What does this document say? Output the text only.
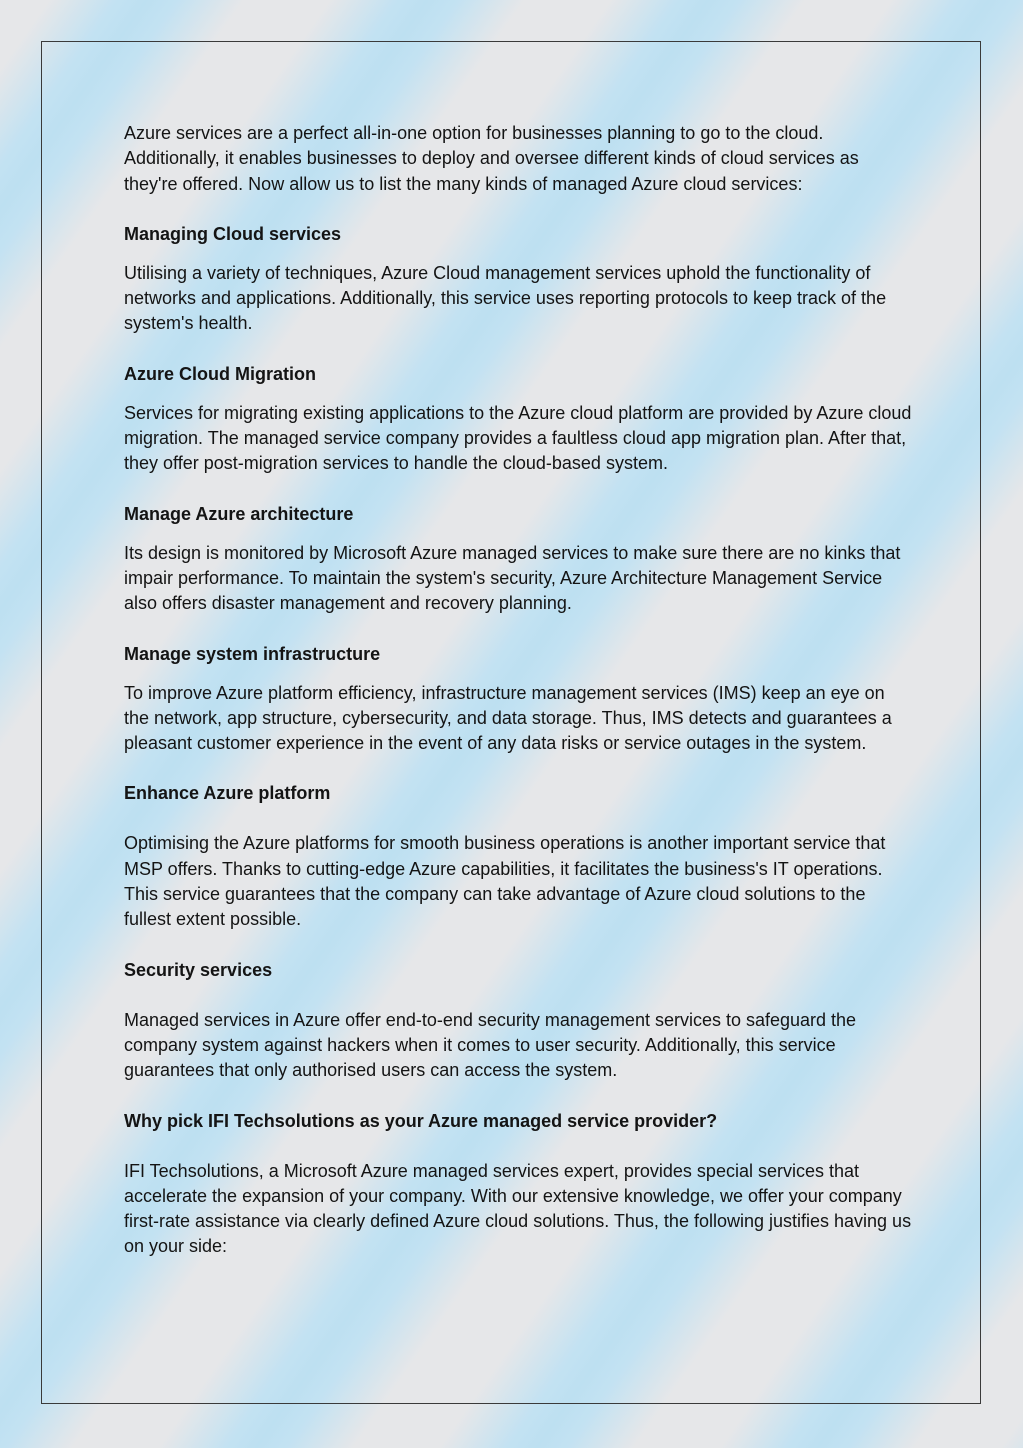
Azure services are a perfect all-in-one option for businesses planning to go to the cloud. Additionally, it enables businesses to deploy and oversee different kinds of cloud services as they're offered. Now allow us to list the many kinds of managed Azure cloud services:

Managing Cloud services

Utilising a variety of techniques, Azure Cloud management services uphold the functionality of networks and applications. Additionally, this service uses reporting protocols to keep track of the system's health.

Azure Cloud Migration

Services for migrating existing applications to the Azure cloud platform are provided by Azure cloud migration. The managed service company provides a faultless cloud app migration plan. After that, they offer post-migration services to handle the cloud-based system.

Manage Azure architecture

Its design is monitored by Microsoft Azure managed services to make sure there are no kinks that impair performance. To maintain the system's security, Azure Architecture Management Service also offers disaster management and recovery planning.

Manage system infrastructure

To improve Azure platform efficiency, infrastructure management services (IMS) keep an eye on the network, app structure, cybersecurity, and data storage. Thus, IMS detects and guarantees a pleasant customer experience in the event of any data risks or service outages in the system.

Enhance Azure platform

Optimising the Azure platforms for smooth business operations is another important service that MSP offers. Thanks to cutting-edge Azure capabilities, it facilitates the business's IT operations. This service guarantees that the company can take advantage of Azure cloud solutions to the fullest extent possible.

Security services

Managed services in Azure offer end-to-end security management services to safeguard the company system against hackers when it comes to user security. Additionally, this service guarantees that only authorised users can access the system.

Why pick IFI Techsolutions as your Azure managed service provider?

IFI Techsolutions, a Microsoft Azure managed services expert, provides special services that accelerate the expansion of your company. With our extensive knowledge, we offer your company first-rate assistance via clearly defined Azure cloud solutions. Thus, the following justifies having us on your side:
